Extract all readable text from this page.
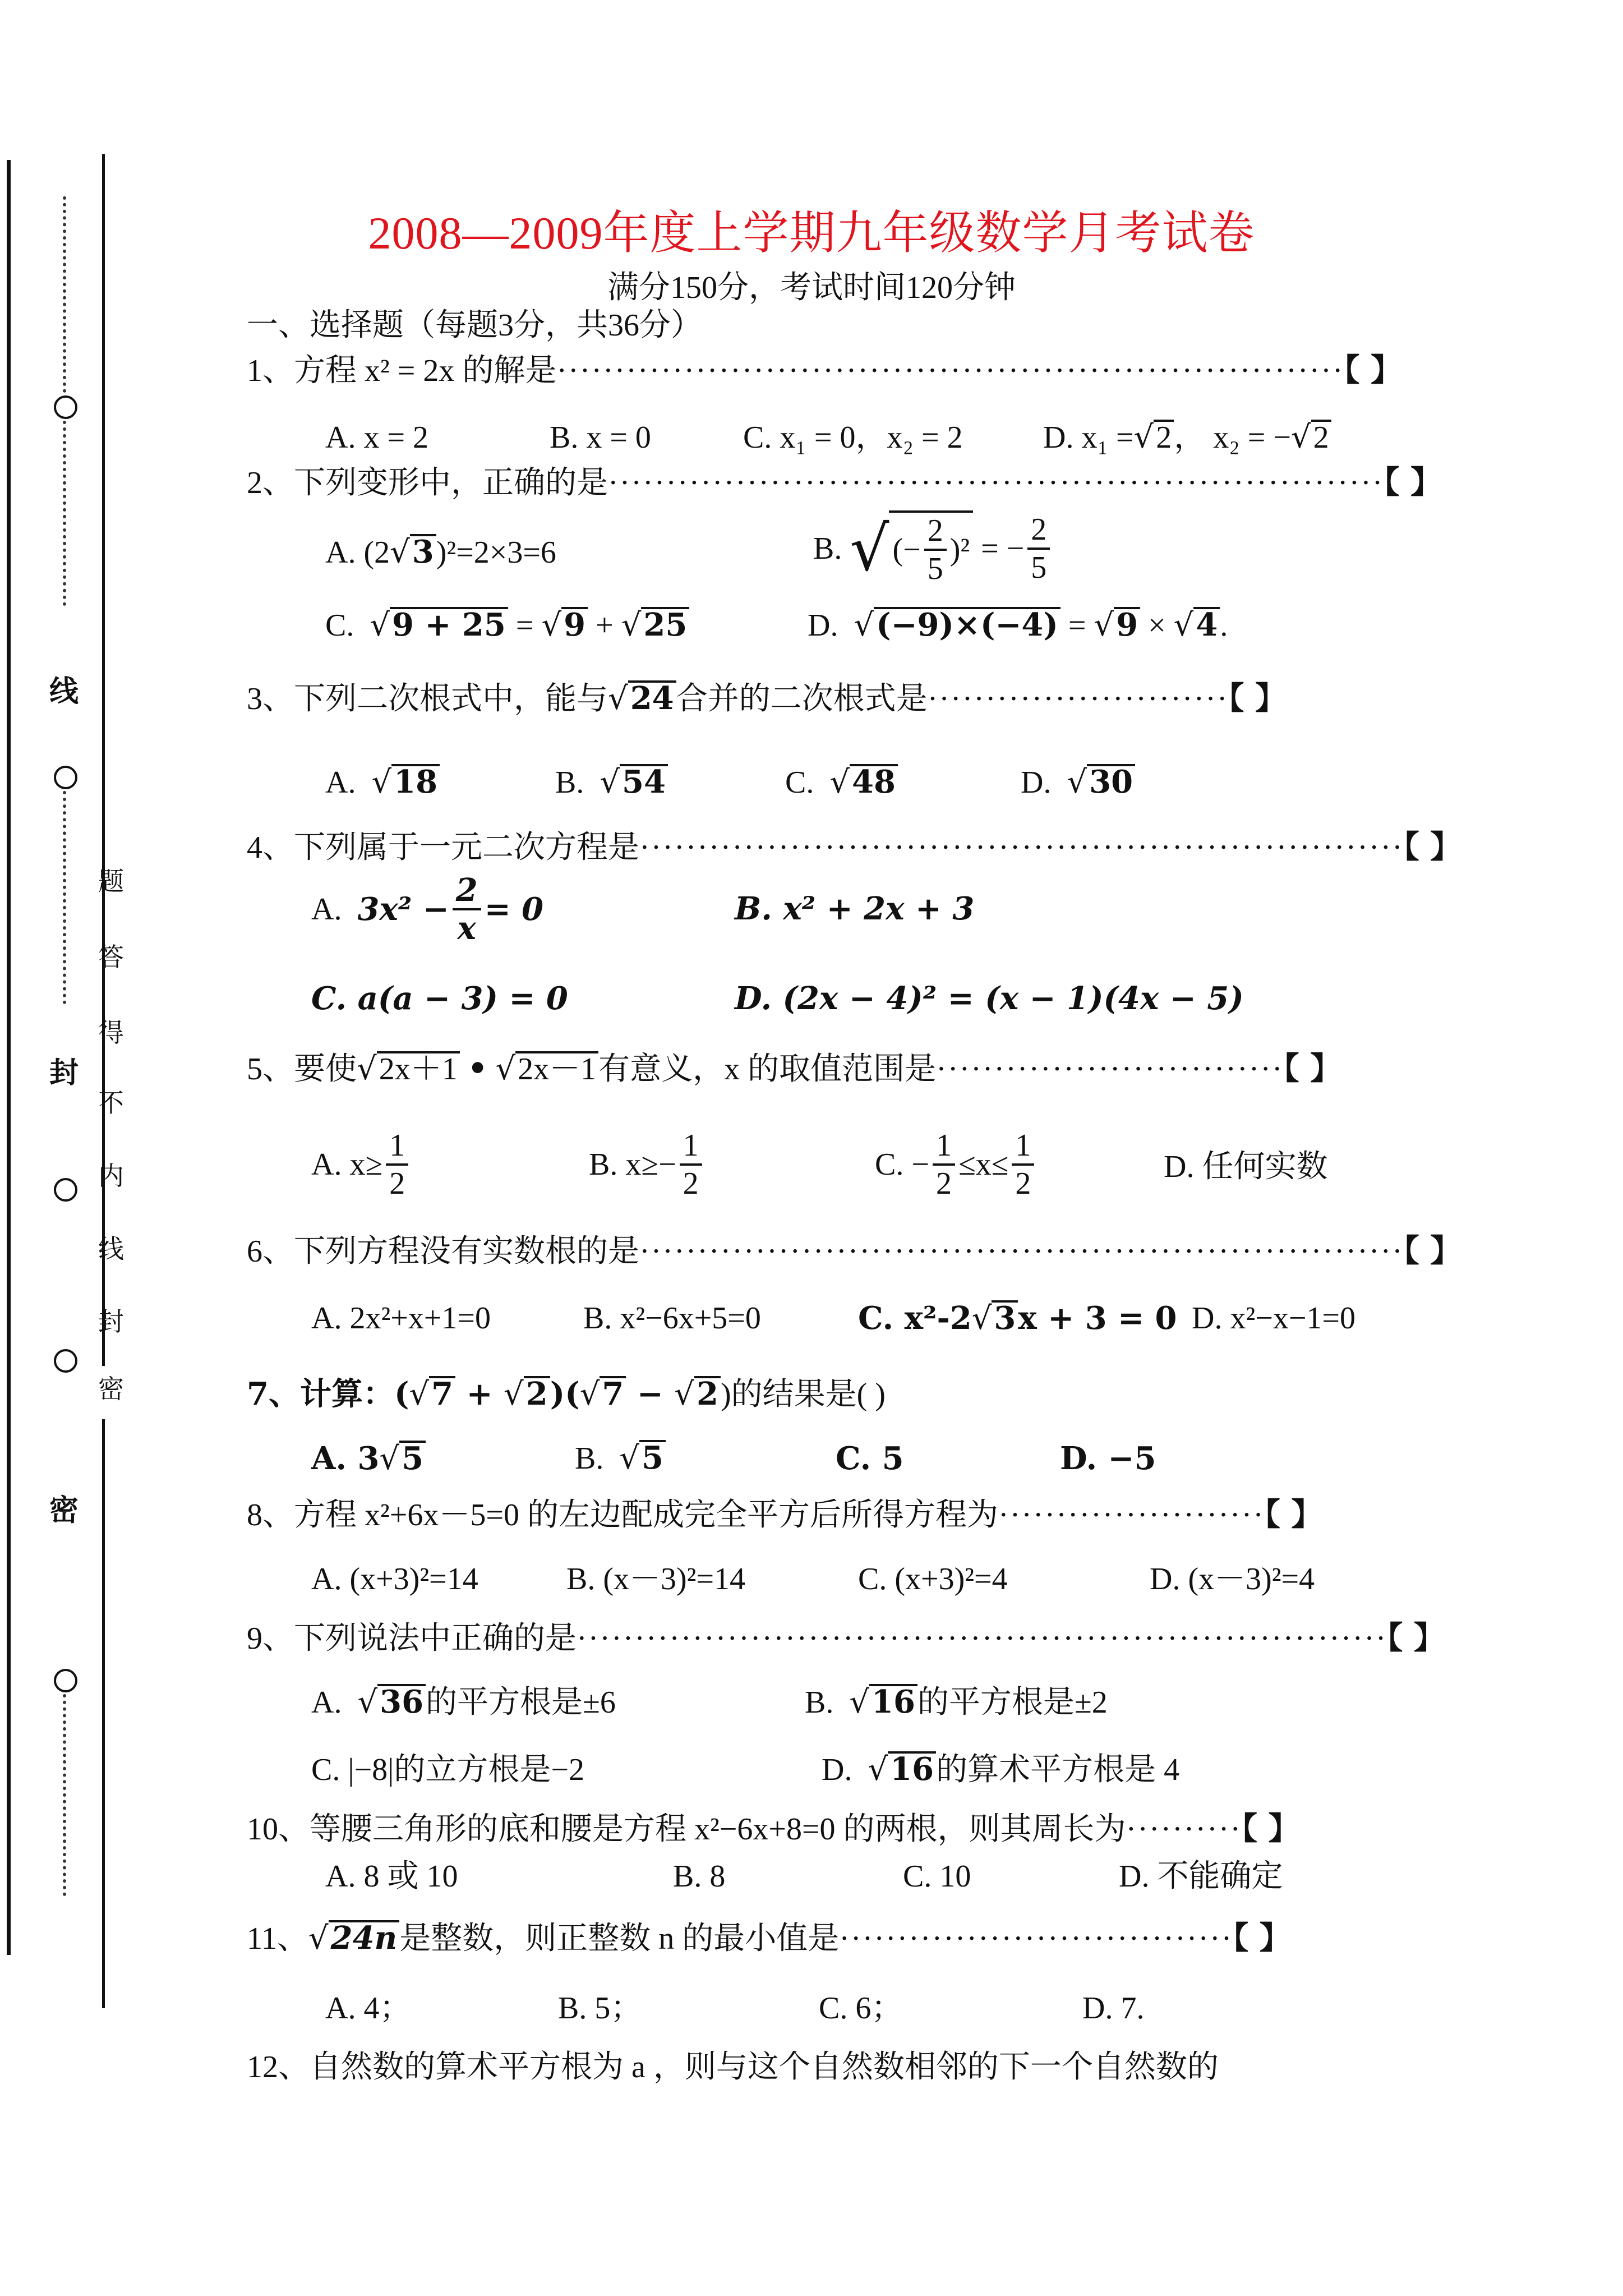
线
封
密
题
答
得
不
内
线
封
密
2008—2009年度上学期九年级数学月考试卷
满分150分，考试时间120分钟
一、选择题（每题3分，共36分）
1、方程 x² = 2x 的解是····································································【 】
A. x = 2	B. x = 0	C. x₁ = 0，x₂ = 2	D. x₁ =√2， x₂ = −√2
2、下列变形中，正确的是···································································【 】
A. (2√3)²=2×3=6	B. √ (− $\frac{2}{5} )^2$ = − $\frac{2}{5}$
C. √9 + 25 = √9 + √25	D. √(−9)×(−4) = √9 × √4.
3、下列二次根式中，能与√24合并的二次根式是··························【 】
A. √18	B. √54	C. √48	D. √30
4、下列属于一元二次方程是··································································【 】
A. $3x^2 - \frac{2}{x} = 0$	B. x² + 2x + 3
C. a(a − 3) = 0	D. (2x − 4)² = (x − 1)(4x − 5)
5、要使√2x＋1 • √2x－1有意义，x 的取值范围是······························【 】
A. $x\ge \frac{1}{2}$	B. $x\ge- \frac{1}{2}$	C. − $\frac{1}{2} \le x\le \frac{1}{2}$	D. 任何实数
6、下列方程没有实数根的是··································································【 】
A. 2x²+x+1=0	B. x²−6x+5=0	C. x²-2√3x + 3 = 0 D. x²−x−1=0
7、计算：(√7 + √2)(√7 − √2)的结果是( )
A. 3√5	B. √5	C. 5	D. −5
8、方程 x²+6x－5=0 的左边配成完全平方后所得方程为·······················【 】
A. (x+3)²=14	B. (x－3)²=14	C. (x+3)²=4	D. (x－3)²=4
9、下列说法中正确的是······································································【 】
A. √36的平方根是±6	B. √16的平方根是±2
C. |−8|的立方根是−2	D. √16的算术平方根是 4
10、等腰三角形的底和腰是方程 x²−6x+8=0 的两根，则其周长为··········【 】
A. 8 或 10	B. 8	C. 10	D. 不能确定
11、√24n是整数，则正整数 n 的最小值是··································【 】
A. 4；	B. 5；	C. 6；	D. 7.
12、自然数的算术平方根为 a ，则与这个自然数相邻的下一个自然数的
